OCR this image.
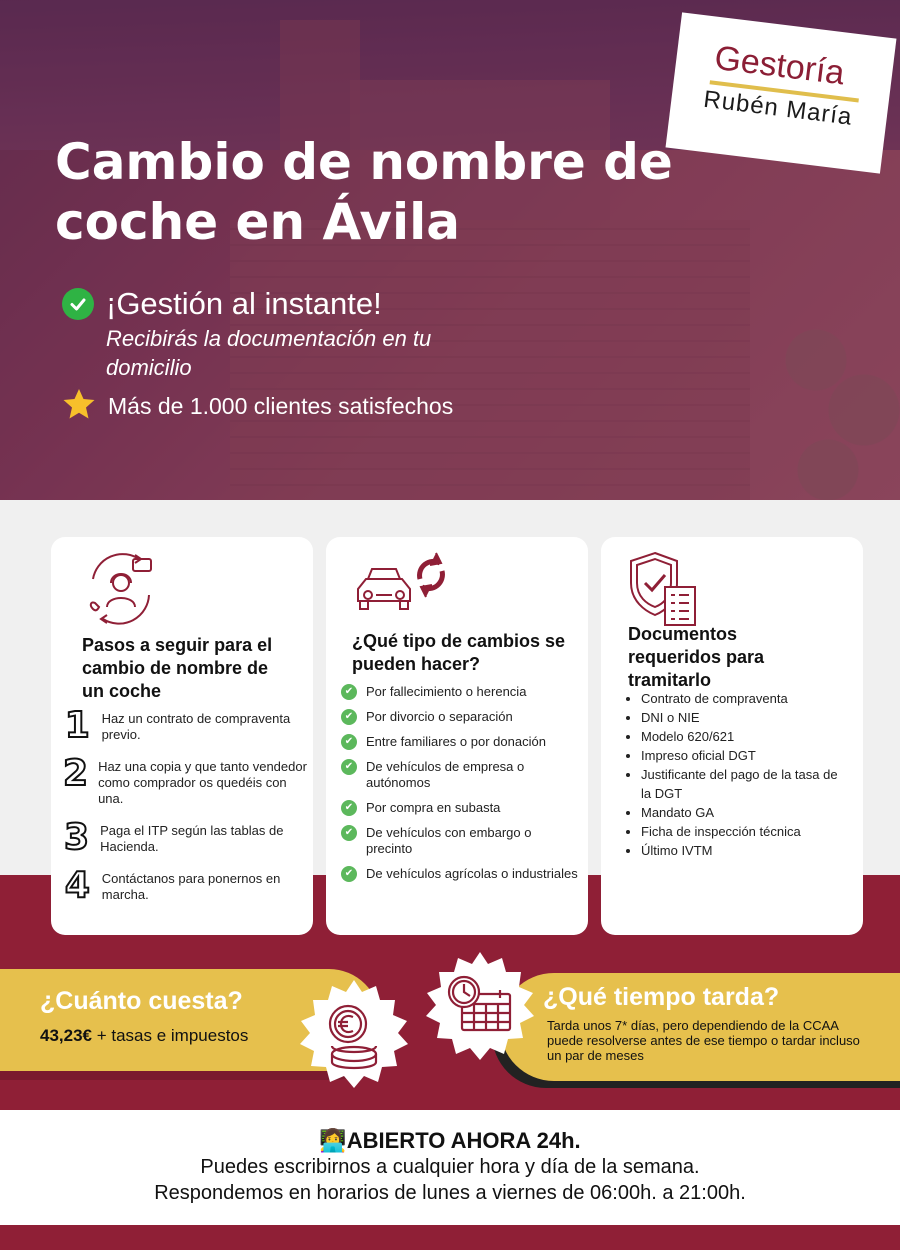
Cambio de nombre de coche en Ávila
¡Gestión al instante!
Recibirás la documentación en tu domicilio
Más de 1.000 clientes satisfechos
Gestoría
Rubén María
Pasos a seguir para el cambio de nombre de un coche
1 Haz un contrato de compraventa previo.
2 Haz una copia y que tanto vendedor como comprador os quedéis con una.
3 Paga el ITP según las tablas de Hacienda.
4 Contáctanos para ponernos en marcha.
¿Qué tipo de cambios se pueden hacer?
✔ Por fallecimiento o herencia
✔ Por divorcio o separación
✔ Entre familiares o por donación
✔ De vehículos de empresa o autónomos
✔ Por compra en subasta
✔ De vehículos con embargo o precinto
✔ De vehículos agrícolas o industriales
Documentos requeridos para tramitarlo
• Contrato de compraventa
• DNI o NIE
• Modelo 620/621
• Impreso oficial DGT
• Justificante del pago de la tasa de la DGT
• Mandato GA
• Ficha de inspección técnica
• Último IVTM
¿Cuánto cuesta?
43,23€ + tasas e impuestos
¿Qué tiempo tarda?
Tarda unos 7* días, pero dependiendo de la CCAA puede resolverse antes de ese tiempo o tardar incluso un par de meses
👩‍💻ABIERTO AHORA 24h.
Puedes escribirnos a cualquier hora y día de la semana.
Respondemos en horarios de lunes a viernes de 06:00h. a 21:00h.
